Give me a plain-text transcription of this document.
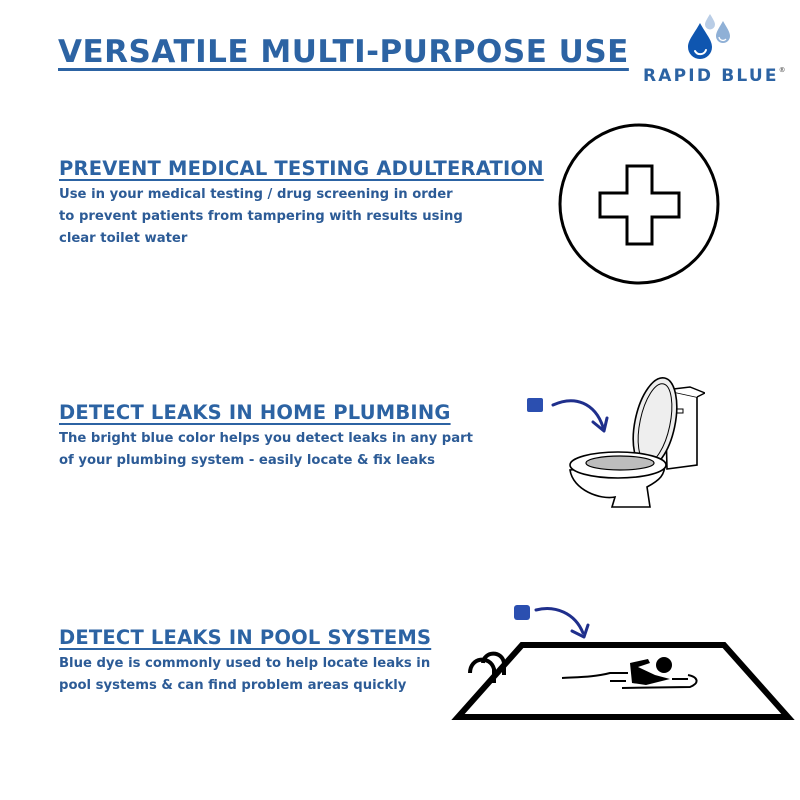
VERSATILE MULTI-PURPOSE USE
RAPID BLUE®
PREVENT MEDICAL TESTING ADULTERATION

Use in your medical testing / drug screening in order
to prevent patients from tampering with results using
clear toilet water

DETECT LEAKS IN HOME PLUMBING

The bright blue color helps you detect leaks in any part
of your plumbing system - easily locate & fix leaks

DETECT LEAKS IN POOL SYSTEMS

Blue dye is commonly used to help locate leaks in
pool systems & can find problem areas quickly
